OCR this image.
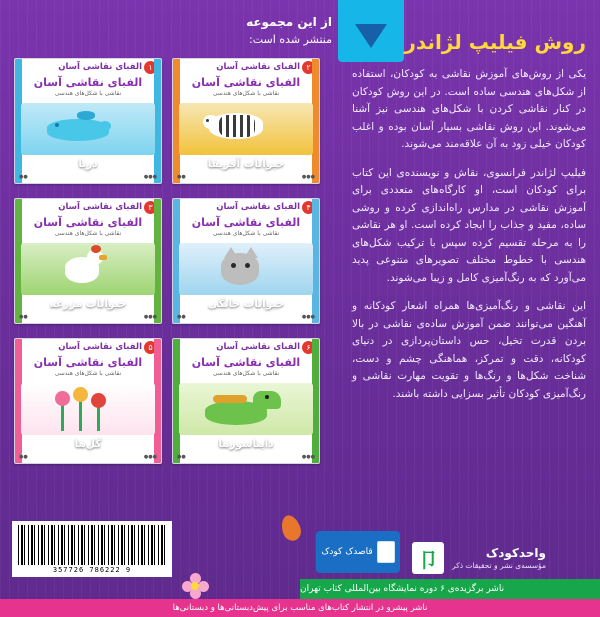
از این مجموعه
منتشر شده است:	روش فیلیپ لژاندر

یکی از روش‌های آموزش نقاشی به کودکان، استفاده از شکل‌های هندسی ساده است. در این روش کودکان در کنار نقاشی کردن با شکل‌های هندسی نیز آشنا می‌شوند. این روش نقاشی بسیار آسان بوده و اغلب کودکان خیلی زود به آن علاقه‌مند می‌شوند.

فیلیپ لژاندر فرانسوی، نقاش و نویسنده‌ی این کتاب برای کودکان است، او کارگاه‌های متعددی برای آموزش نقاشی در مدارس راه‌اندازی کرده و روشی ساده، مفید و جذاب را ایجاد کرده است. او هر نقاشی را به مرحله تقسیم کرده سپس با ترکیب شکل‌های هندسی با خطوط مختلف تصویرهای متنوعی پدید می‌آورد که به رنگ‌آمیزی کامل و زیبا می‌شوند.

این نقاشی و رنگ‌آمیزی‌ها همراه اشعار کودکانه و آهنگین می‌توانند ضمن آموزش ساده‌ی نقاشی در بالا بردن قدرت تخیل، حس داستان‌پردازی در دنیای کودکانه، دقت و تمرکز، هماهنگی چشم و دست، شناخت شکل‌ها و رنگ‌ها و تقویت مهارت نقاشی و رنگ‌آمیزی کودکان تأثیر بسزایی داشته باشند.

الفبای نقاشی آسان ۱
الفبای نقاشی آسان
نقاشی با شکل‌های هندسی
دریا
●●●
●●
الفبای نقاشی آسان ۲
الفبای نقاشی آسان
نقاشی با شکل‌های هندسی
حیوانات آفریقا
●●●
●●
الفبای نقاشی آسان ۳
الفبای نقاشی آسان
نقاشی با شکل‌های هندسی
حیوانات مزرعه
●●●
●●
الفبای نقاشی آسان ۴
الفبای نقاشی آسان
نقاشی با شکل‌های هندسی
حیوانات خانگی
●●●
●●
الفبای نقاشی آسان ۵
الفبای نقاشی آسان
نقاشی با شکل‌های هندسی
گل‌ها
●●●
●●
الفبای نقاشی آسان ۶
الفبای نقاشی آسان
نقاشی با شکل‌های هندسی
دایناسورها
●●●
●●
قاصدک کودک	واحدکودک
مؤسسه‌ی نشر و تحقیقات ذکر
卩
ناشر برگزیده‌ی ۶ دوره نمایشگاه بین‌المللی کتاب تهران
9 786222 357726
ناشر پیشرو در انتشار کتاب‌های مناسب برای پیش‌دبستانی‌ها و دبستانی‌ها
